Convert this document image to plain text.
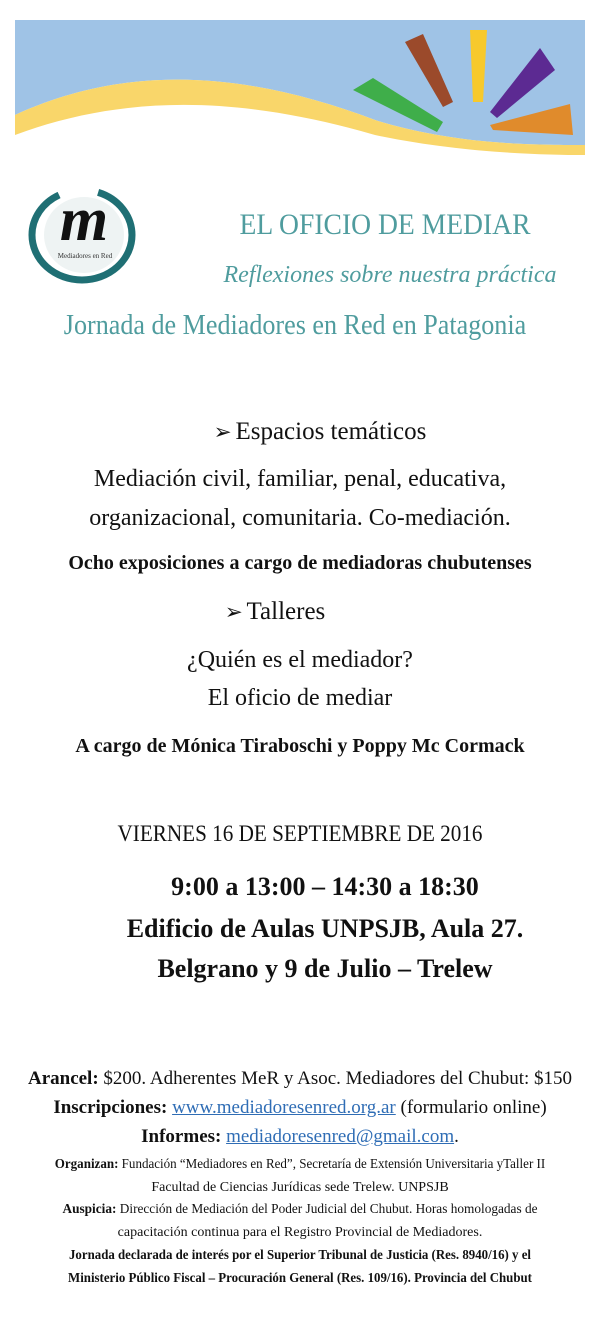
m
Mediadores en Red
EL OFICIO DE MEDIAR
Reflexiones sobre nuestra práctica
Jornada de Mediadores en Red en Patagonia
➢ Espacios temáticos
Mediación civil, familiar, penal, educativa,
organizacional, comunitaria. Co-mediación.
Ocho exposiciones a cargo de mediadoras chubutenses
➢ Talleres
¿Quién es el mediador?
El oficio de mediar
A cargo de Mónica Tiraboschi y Poppy Mc Cormack
VIERNES 16 DE SEPTIEMBRE DE 2016
9:00 a 13:00 – 14:30 a 18:30
Edificio de Aulas UNPSJB, Aula 27.
Belgrano y 9 de Julio – Trelew
Arancel: $200. Adherentes MeR y Asoc. Mediadores del Chubut: $150
Inscripciones: www.mediadoresenred.org.ar (formulario online)
Informes: mediadoresenred@gmail.com.
Organizan: Fundación “Mediadores en Red”, Secretaría de Extensión Universitaria yTaller II
Facultad de Ciencias Jurídicas sede Trelew. UNPSJB
Auspicia: Dirección de Mediación del Poder Judicial del Chubut. Horas homologadas de
capacitación continua para el Registro Provincial de Mediadores.
Jornada declarada de interés por el Superior Tribunal de Justicia (Res. 8940/16) y el
Ministerio Público Fiscal – Procuración General (Res. 109/16). Provincia del Chubut
